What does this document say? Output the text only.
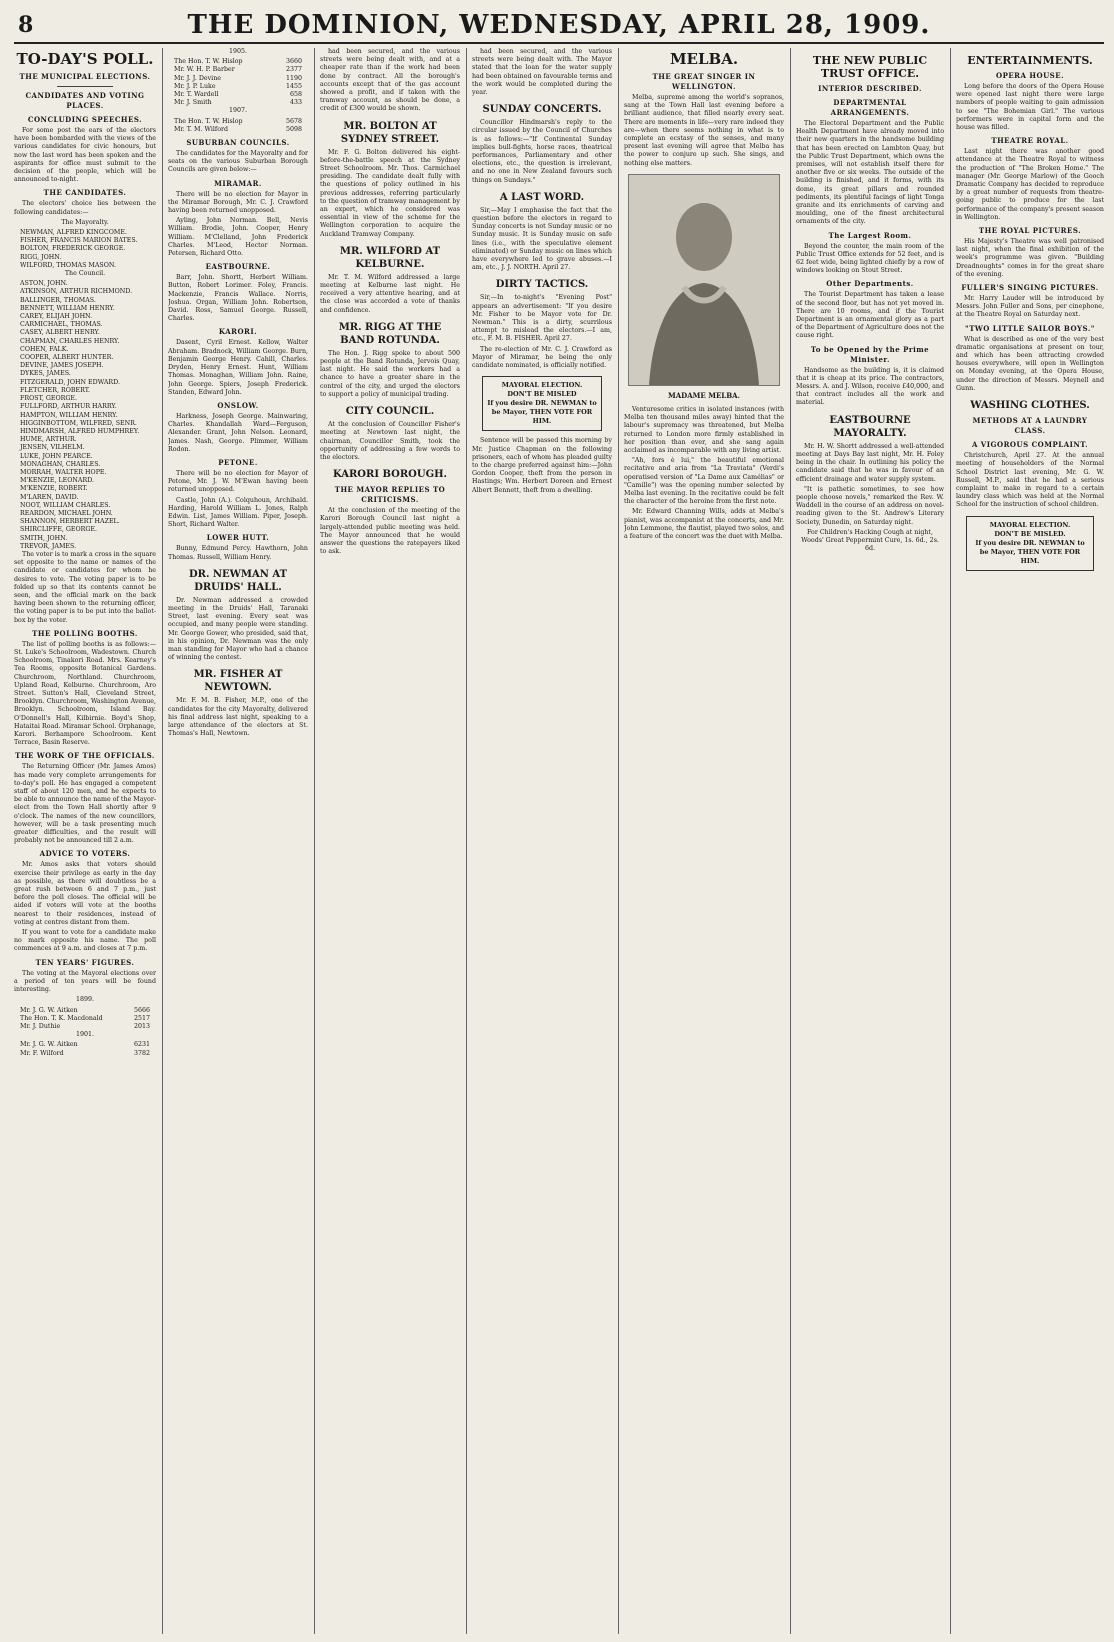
8	THE DOMINION, WEDNESDAY, APRIL 28, 1909.
TO-DAY'S POLL.
THE MUNICIPAL ELECTIONS.
CANDIDATES AND VOTING PLACES.
CONCLUDING SPEECHES.

For some post the ears of the electors have been bombarded with the views of the various candidates for civic honours, but now the last word has been spoken and the aspirants for office must submit to the decision of the people, which will be announced to-night.

THE CANDIDATES.

The electors' choice lies between the following candidates:—

The Mayoralty.

NEWMAN, ALFRED KINGCOME.

FISHER, FRANCIS MARION BATES.

BOLTON, FREDERICK GEORGE.

RIGG, JOHN.

WILFORD, THOMAS MASON.

The Council.

ASTON, JOHN.

ATKINSON, ARTHUR RICHMOND.

BALLINGER, THOMAS.

BENNETT, WILLIAM HENRY.

CAREY, ELIJAH JOHN.

CARMICHAEL, THOMAS.

CASEY, ALBERT HENRY.

CHAPMAN, CHARLES HENRY.

COHEN, FALK.

COOPER, ALBERT HUNTER.

DEVINE, JAMES JOSEPH.

DYKES, JAMES.

FITZGERALD, JOHN EDWARD.

FLETCHER, ROBERT.

FROST, GEORGE.

FULLFORD, ARTHUR HARRY.

HAMPTON, WILLIAM HENRY.

HIGGINBOTTOM, WILFRED, SENR.

HINDMARSH, ALFRED HUMPHREY.

HUME, ARTHUR.

JENSEN, VILHELM.

LUKE, JOHN PEARCE.

MONAGHAN, CHARLES.

MORRAH, WALTER HOPE.

M'KENZIE, LEONARD.

M'KENZIE, ROBERT.

M'LAREN, DAVID.

NOOT, WILLIAM CHARLES.

REARDON, MICHAEL JOHN.

SHANNON, HERBERT HAZEL.

SHIRCLIFFE, GEORGE.

SMITH, JOHN.

TREVOR, JAMES.

The voter is to mark a cross in the square set opposite to the name or names of the candidate or candidates for whom he desires to vote. The voting paper is to be folded up so that its contents cannot be seen, and the official mark on the back having been shown to the returning officer, the voting paper is to be put into the ballot-box by the voter.

THE POLLING BOOTHS.

The list of polling booths is as follows:— St. Luke's Schoolroom, Wadestown. Church Schoolroom, Tinakori Road. Mrs. Kearney's Tea Rooms, opposite Botanical Gardens. Churchroom, Northland. Churchroom, Upland Road, Kelburne. Churchroom, Aro Street. Sutton's Hall, Cleveland Street, Brooklyn. Churchroom, Washington Avenue, Brooklyn. Schoolroom, Island Bay. O'Donnell's Hall, Kilbirnie. Boyd's Shop, Hataitai Road. Miramar School. Orphanage, Karori. Berhampore Schoolroom. Kent Terrace, Basin Reserve.

THE WORK OF THE OFFICIALS.

The Returning Officer (Mr. James Amos) has made very complete arrangements for to-day's poll. He has engaged a competent staff of about 120 men, and he expects to be able to announce the name of the Mayor-elect from the Town Hall shortly after 9 o'clock. The names of the new councillors, however, will be a task presenting much greater difficulties, and the result will probably not be announced till 2 a.m.

ADVICE TO VOTERS.

Mr. Amos asks that voters should exercise their privilege as early in the day as possible, as there will doubtless be a great rush between 6 and 7 p.m., just before the poll closes. The official will be aided if voters will vote at the booths nearest to their residences, instead of voting at centres distant from them.

If you want to vote for a candidate make no mark opposite his name. The poll commences at 9 a.m. and closes at 7 p.m.

TEN YEARS' FIGURES.

The voting at the Mayoral elections over a period of ten years will be found interesting.

1899.

Mr. J. G. W. Aitken	5666
The Hon. T. K. Macdonald	2517
Mr. J. Duthie	2013

1901.

Mr. J. G. W. Aitken	6231
Mr. F. Wilford	3782

1905.

The Hon. T. W. Hislop	3660
Mr. W. H. P. Barber	2377
Mr. J. J. Devine	1190
Mr. J. P. Luke	1455
Mr. T. Wardell	658
Mr. J. Smith	433

1907.

The Hon. T. W. Hislop	5678
Mr. T. M. Wilford	5098
SUBURBAN COUNCILS.

The candidates for the Mayoralty and for seats on the various Suburban Borough Councils are given below:—

MIRAMAR.

There will be no election for Mayor in the Miramar Borough, Mr. C. J. Crawford having been returned unopposed.

Ayling, John Norman. Bell, Nevis William. Brodie, John. Cooper, Henry William. M'Clelland, John Frederick Charles. M'Leod, Hector Norman. Petersen, Richard Otto.

EASTBOURNE.

Barr, John. Shortt, Herbert William. Button, Robert Lorimer. Foley, Francis. Mackenzie, Francis Wallace. Norris, Joshua. Organ, William John. Robertson, David. Ross, Samuel George. Russell, Charles.

KARORI.

Dasent, Cyril Ernest. Kellow, Walter Abraham. Bradnock, William George. Burn, Benjamin George Henry. Cahill, Charles. Dryden, Henry Ernest. Hunt, William Thomas. Monaghan, William John. Raine, John George. Spiers, Joseph Frederick. Standen, Edward John.

ONSLOW.

Harkness, Joseph George. Mainwaring, Charles. Khandallah Ward—Ferguson, Alexander. Grant, John Nelson. Leonard, James. Nash, George. Plimmer, William Rodon.

PETONE.

There will be no election for Mayor of Petone, Mr. J. W. M'Ewan having been returned unopposed.

Castle, John (A.). Colquhoun, Archibald. Harding, Harold William L. Jones, Ralph Edwin. List, James William. Piper, Joseph. Short, Richard Walter.

LOWER HUTT.

Bunny, Edmund Percy. Hawthorn, John Thomas. Russell, William Henry.

DR. NEWMAN AT DRUIDS' HALL.

Dr. Newman addressed a crowded meeting in the Druids' Hall, Taranaki Street, last evening. Every seat was occupied, and many people were standing. Mr. George Gower, who presided, said that, in his opinion, Dr. Newman was the only man standing for Mayor who had a chance of winning the contest.

MR. FISHER AT NEWTOWN.

Mr. F. M. B. Fisher, M.P., one of the candidates for the city Mayoralty, delivered his final address last night, speaking to a large attendance of the electors at St. Thomas's Hall, Newtown.

had been secured, and the various streets were being dealt with, and at a cheaper rate than if the work had been done by contract. All the borough's accounts except that of the gas account showed a profit, and if taken with the tramway account, as should be done, a credit of £300 would be shown.

MR. BOLTON AT SYDNEY STREET.

Mr. F. G. Bolton delivered his eight-before-the-battle speech at the Sydney Street Schoolroom. Mr. Thos. Carmichael presiding. The candidate dealt fully with the questions of policy outlined in his previous addresses, referring particularly to the question of tramway management by an expert, which he considered was essential in view of the scheme for the Wellington corporation to acquire the Auckland Tramway Company.

MR. WILFORD AT KELBURNE.

Mr. T. M. Wilford addressed a large meeting at Kelburne last night. He received a very attentive hearing, and at the close was accorded a vote of thanks and confidence.

MR. RIGG AT THE BAND ROTUNDA.

The Hon. J. Rigg spoke to about 500 people at the Band Rotunda, Jervois Quay, last night. He said the workers had a chance to have a greater share in the control of the city, and urged the electors to support a policy of municipal trading.

CITY COUNCIL.

At the conclusion of Councillor Fisher's meeting at Newtown last night, the chairman, Councillor Smith, took the opportunity of addressing a few words to the electors.

KARORI BOROUGH.
THE MAYOR REPLIES TO CRITICISMS.

At the conclusion of the meeting of the Karori Borough Council last night a largely-attended public meeting was held. The Mayor announced that he would answer the questions the ratepayers liked to ask.

had been secured, and the various streets were being dealt with. The Mayor stated that the loan for the water supply had been obtained on favourable terms and the work would be completed during the year.

SUNDAY CONCERTS.

Councillor Hindmarsh's reply to the circular issued by the Council of Churches is as follows:—"If Continental Sunday implies bull-fights, horse races, theatrical performances, Parliamentary and other elections, etc., the question is irrelevant, and no one in New Zealand favours such things on Sundays."

A LAST WORD.

Sir,—May I emphasise the fact that the question before the electors in regard to Sunday concerts is not Sunday music or no Sunday music. It is Sunday music on safe lines (i.e., with the speculative element eliminated) or Sunday music on lines which have everywhere led to grave abuses.—I am, etc., J. J. NORTH. April 27.

DIRTY TACTICS.

Sir,—In to-night's "Evening Post" appears an advertisement: "If you desire Mr. Fisher to be Mayor vote for Dr. Newman." This is a dirty, scurrilous attempt to mislead the electors.—I am, etc., F. M. B. FISHER. April 27.

The re-election of Mr. C. J. Crawford as Mayor of Miramar, he being the only candidate nominated, is officially notified.

MAYORAL ELECTION.
DON'T BE MISLED
If you desire DR. NEWMAN to be Mayor, THEN VOTE FOR HIM.

Sentence will be passed this morning by Mr. Justice Chapman on the following prisoners, each of whom has pleaded guilty to the charge preferred against him:—John Gordon Cooper, theft from the person in Hastings; Wm. Herbert Doreen and Ernest Albert Bennett, theft from a dwelling.

MELBA.
THE GREAT SINGER IN WELLINGTON.

Melba, supreme among the world's sopranos, sang at the Town Hall last evening before a brilliant audience, that filled nearly every seat. There are moments in life—very rare indeed they are—when there seems nothing in what is to complete an ecstasy of the senses, and many present last evening will agree that Melba has the power to conjure up such. She sings, and nothing else matters.

MADAME MELBA.

Venturesome critics in isolated instances (with Melba ten thousand miles away) hinted that the labour's supremacy was threatened, but Melba returned to London more firmly established in her position than ever, and she sang again acclaimed as incomparable with any living artist.

"Ah, fors è lui," the beautiful emotional recitative and aria from "La Traviata" (Verdi's operatised version of "La Dame aux Camélias" or "Camille") was the opening number selected by Melba last evening. In the recitative could be felt the character of the heroine from the first note.

Mr. Edward Channing Wills, adds at Melba's pianist, was accompanist at the concerts, and Mr. John Lemmone, the flautist, played two solos, and a feature of the concert was the duet with Melba.

THE NEW PUBLIC TRUST OFFICE.
INTERIOR DESCRIBED.
DEPARTMENTAL ARRANGEMENTS.

The Electoral Department and the Public Health Department have already moved into their new quarters in the handsome building that has been erected on Lambton Quay, but the Public Trust Department, which owns the premises, will not establish itself there for another five or six weeks. The outside of the building is finished, and it forms, with its dome, its great pillars and rounded pediments, its plentiful facings of light Tonga granite and its enrichments of carving and moulding, one of the finest architectural ornaments of the city.

The Largest Room.

Beyond the counter, the main room of the Public Trust Office extends for 52 feet, and is 62 feet wide, being lighted chiefly by a row of windows looking on Stout Street.

Other Departments.

The Tourist Department has taken a lease of the second floor, but has not yet moved in. There are 10 rooms, and if the Tourist Department is an ornamental glory as a part of the Department of Agriculture does not the cause right.

To be Opened by the Prime Minister.

Handsome as the building is, it is claimed that it is cheap at its price. The contractors, Messrs. A. and J. Wilson, receive £40,000, and that contract includes all the work and material.

EASTBOURNE MAYORALTY.

Mr. H. W. Shortt addressed a well-attended meeting at Days Bay last night, Mr. H. Foley being in the chair. In outlining his policy the candidate said that he was in favour of an efficient drainage and water supply system.

"It is pathetic sometimes, to see how people choose novels," remarked the Rev. W. Waddell in the course of an address on novel-reading given to the St. Andrew's Literary Society, Dunedin, on Saturday night.

For Children's Hacking Cough at night, Woods' Great Peppermint Cure, 1s. 6d., 2s. 6d.

ENTERTAINMENTS.
OPERA HOUSE.

Long before the doors of the Opera House were opened last night there were large numbers of people waiting to gain admission to see "The Bohemian Girl." The various performers were in capital form and the house was filled.

THEATRE ROYAL.

Last night there was another good attendance at the Theatre Royal to witness the production of "The Broken Home." The manager (Mr. George Marlow) of the Gooch Dramatic Company has decided to reproduce by a great number of requests from theatre-going public to produce for the last performance of the company's present season in Wellington.

THE ROYAL PICTURES.

His Majesty's Theatre was well patronised last night, when the final exhibition of the week's programme was given. "Building Dreadnoughts" comes in for the great share of the evening.

FULLER'S SINGING PICTURES.

Mr. Harry Lauder will be introduced by Messrs. John Fuller and Sons, per cinephone, at the Theatre Royal on Saturday next.

"TWO LITTLE SAILOR BOYS."

What is described as one of the very best dramatic organisations at present on tour, and which has been attracting crowded houses everywhere, will open in Wellington on Monday evening, at the Opera House, under the direction of Messrs. Meynell and Gunn.

WASHING CLOTHES.
METHODS AT A LAUNDRY CLASS.
A VIGOROUS COMPLAINT.

Christchurch, April 27. At the annual meeting of householders of the Normal School District last evening, Mr. G. W. Russell, M.P., said that he had a serious complaint to make in regard to a certain laundry class which was held at the Normal School for the instruction of school children.

MAYORAL ELECTION.
DON'T BE MISLED.
If you desire DR. NEWMAN to be Mayor, THEN VOTE FOR HIM.
